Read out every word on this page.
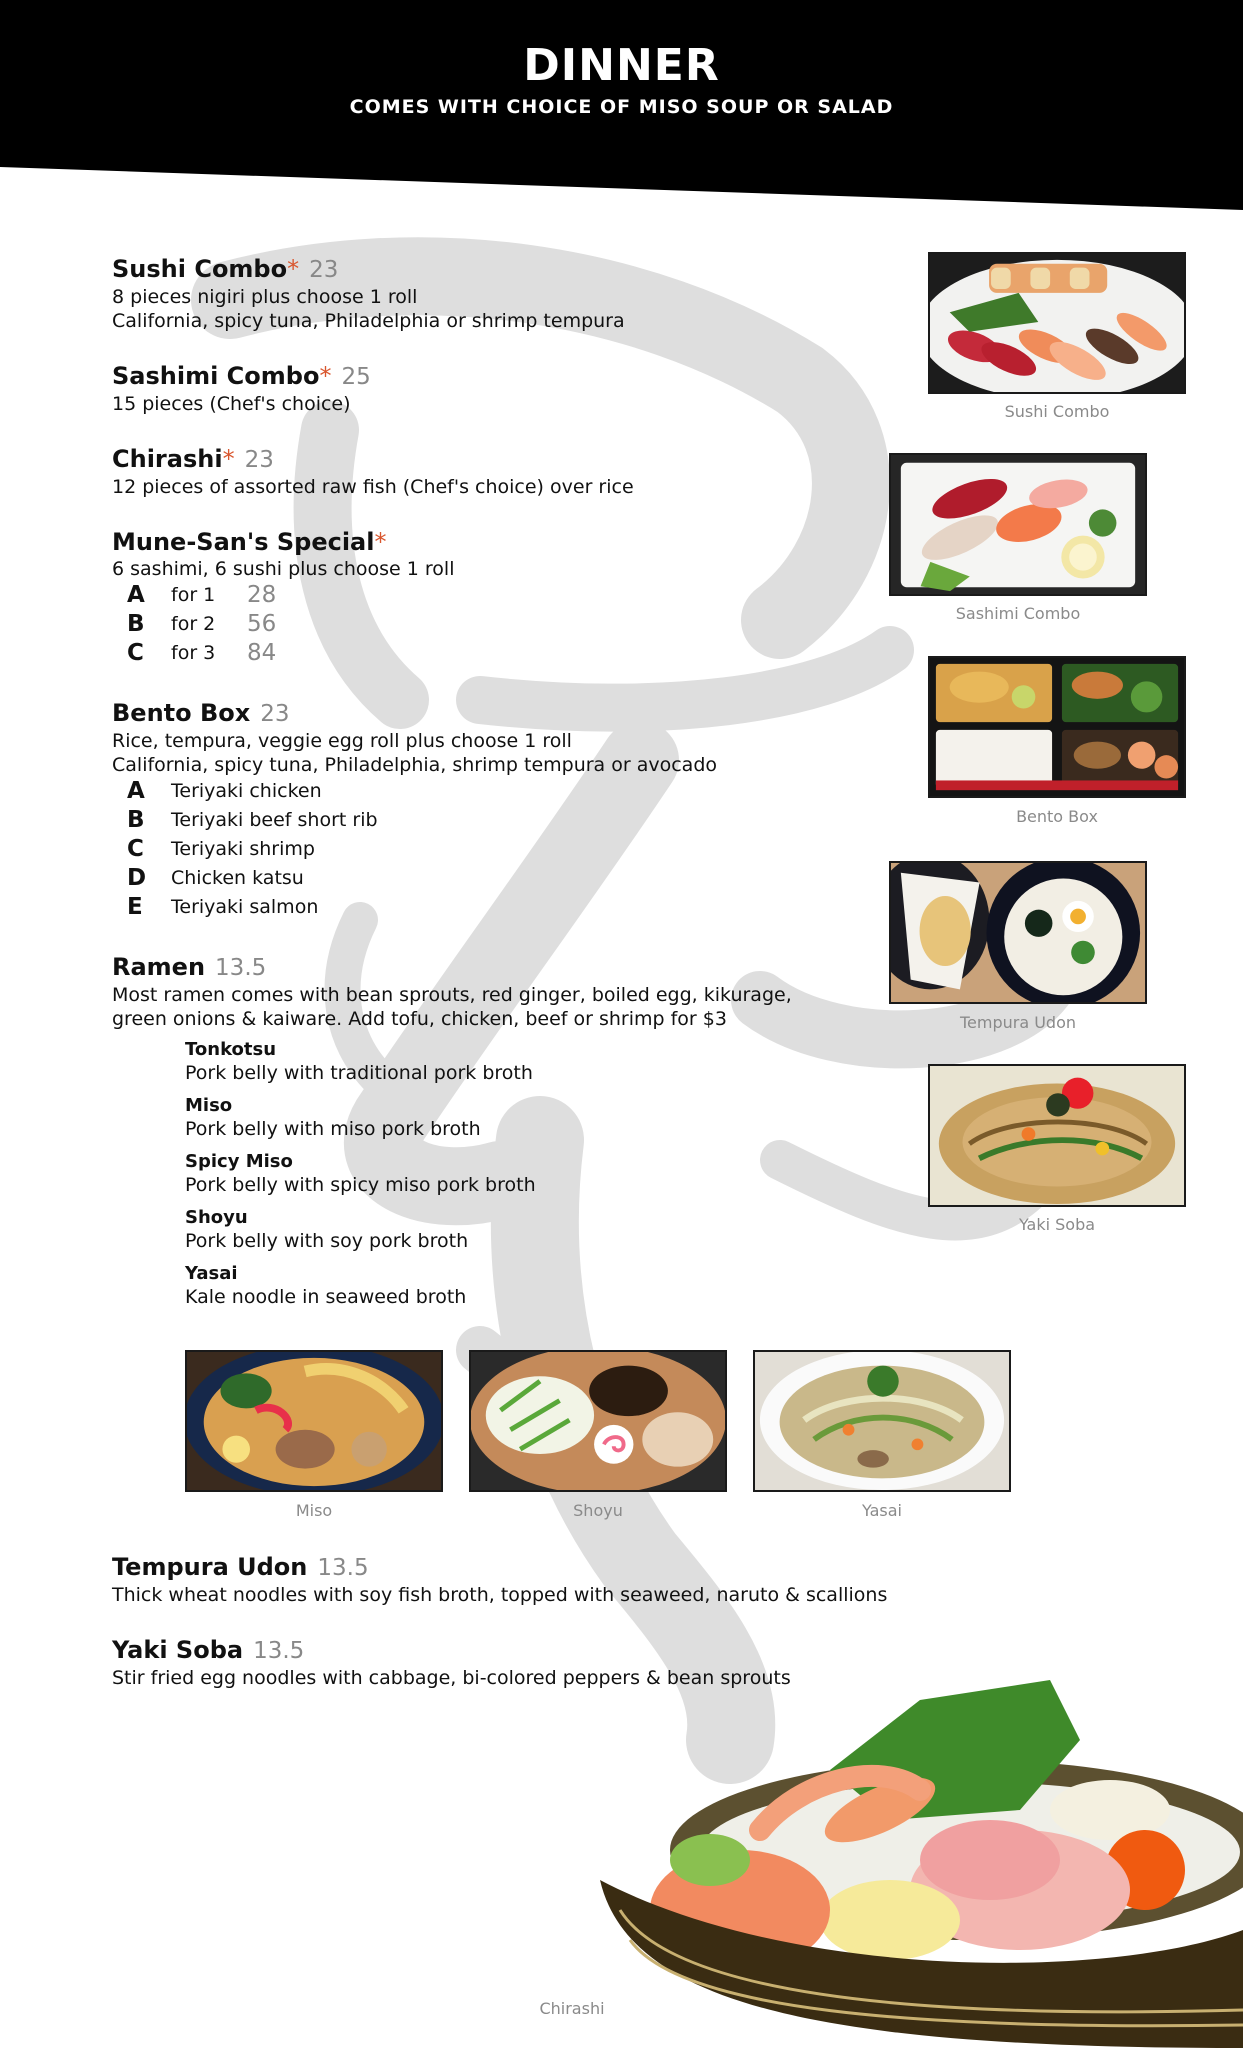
DINNER
COMES WITH CHOICE OF MISO SOUP OR SALAD
Sushi Combo* 23
8 pieces nigiri plus choose 1 roll
California, spicy tuna, Philadelphia or shrimp tempura
Sashimi Combo* 25
15 pieces (Chef's choice)
Chirashi* 23
12 pieces of assorted raw fish (Chef's choice) over rice
Mune-San's Special*
6 sashimi, 6 sushi plus choose 1 roll
A for 1 28
B for 2 56
C for 3 84
Bento Box 23
Rice, tempura, veggie egg roll plus choose 1 roll
California, spicy tuna, Philadelphia, shrimp tempura or avocado
A Teriyaki chicken
B Teriyaki beef short rib
C Teriyaki shrimp
D Chicken katsu
E Teriyaki salmon
Ramen 13.5
Most ramen comes with bean sprouts, red ginger, boiled egg, kikurage,
green onions & kaiware. Add tofu, chicken, beef or shrimp for $3
Tonkotsu
Pork belly with traditional pork broth
Miso
Pork belly with miso pork broth
Spicy Miso
Pork belly with spicy miso pork broth
Shoyu
Pork belly with soy pork broth
Yasai
Kale noodle in seaweed broth
Tempura Udon 13.5
Thick wheat noodles with soy fish broth, topped with seaweed, naruto & scallions
Yaki Soba 13.5
Stir fried egg noodles with cabbage, bi-colored peppers & bean sprouts
Sushi Combo
Sashimi Combo
Bento Box
Tempura Udon
Yaki Soba
Miso	Shoyu	Yasai
Chirashi
